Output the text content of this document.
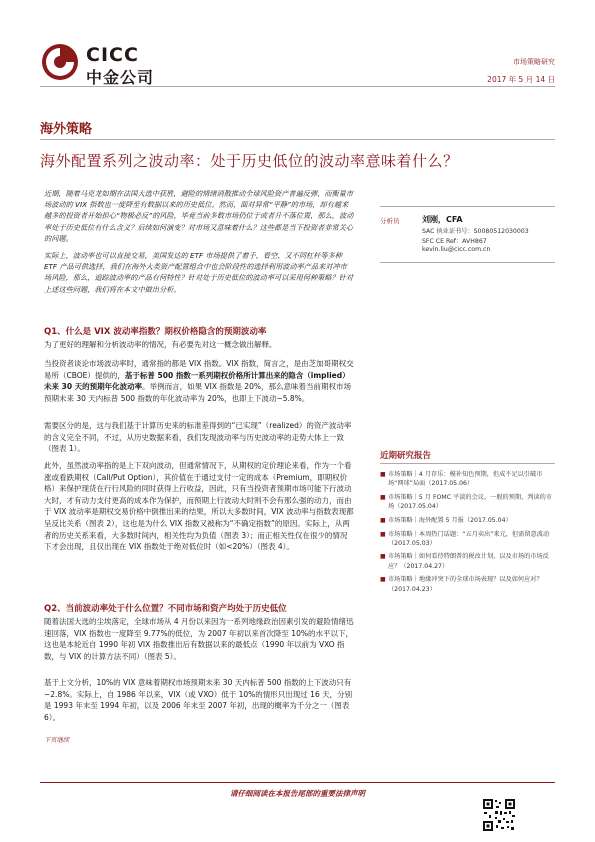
CICC
中金公司
市场策略研究
2017 年 5 月 14 日
海外策略
海外配置系列之波动率：处于历史低位的波动率意味着什么？

近期，随着马克龙如期在法国大选中获胜，避险的情绪消散推动全球风险资产普遍反弹，而衡量市场波动的 VIX 指数也一度降至有数据以来的历史低位。然而，面对异常“平静”的市场，却有越来越多的投资者开始担心“物极必反”的风险，毕竟当前多数市场仍位于或者升不落位置，那么，波动率处于历史低位有什么含义？后续如何演变？对市场又意味着什么？这些都是当下投资者非常关心的问题。

实际上，波动率也可以直接交易，美国发达的 ETF 市场提供了着手，看空、又不同杠杆等多种 ETF 产品可供选择，我们在海外大类资产配置组合中也会阶段性的选择利用波动率产品来对冲市场风险，那么，追踪波动率的产品有何特性？针对处于历史低位的波动率可以采用何种策略？针对上述这些问题，我们将在本文中做出分析。

分析员	刘刚，CFA
SAC 执业证书号：S0080512030003
SFC CE Ref：AVH867
kevin.liu@cicc.com.cn
Q1、什么是 VIX 波动率指数？期权价格隐含的预期波动率

为了更好的理解和分析波动率的情况，有必要先对这一概念做出解释。

当投资者谈论市场波动率时，通常指的都是 VIX 指数。VIX 指数，简言之，是由芝加哥期权交易所（CBOE）提供的，基于标普 500 指数一系列期权价格所计算出来的隐含（implied）未来 30 天的预期年化波动率。举例而言，如果 VIX 指数是 20%，那么意味着当前期权市场预期未来 30 天内标普 500 指数的年化波动率为 20%，也即上下波动~5.8%。

需要区分的是，这与我们基于计算历史来的标准差得到的“已实现”（realized）的资产波动率的含义完全不同，不过，从历史数据来看，我们发现波动率与历史波动率的走势大体上一致（图表 1）。

此外，虽然波动率指的是上下双向波动，但通常情况下，从期权的定价理论来看，作为一个看涨或看跌期权（Call/Put Option），其价值在于通过支付一定的成本（Premium，即期权价格）来保护现货在行行风险的同时获得上行收益，因此，只有当投资者预期市场可能下行波动大时，才有动力支付更高的成本作为保护，而预期上行波动大时则不会有那么强的动力，而由于 VIX 波动率是期权交易价格中倒推出来的结果，所以大多数时间，VIX 波动率与指数表现都呈反比关系（图表 2），这也是为什么 VIX 指数又被称为“不确定指数”的原因。实际上，从两者的历史关系来看，大多数时间内，相关性均为负值（图表 3）；而正相关性仅在很少的情况下才会出现，且仅出现在 VIX 指数处于绝对低位时（如<20%）（图表 4）。

近期研究报告
■ 市场策略｜4 月存乐：模补知色预期，但成不足以引破市场“网球”局面（2017.05.06）
■ 市场策略｜5 月 FOMC 平淡的会议，一般的预期，判读的市场（2017.05.04）
■ 市场策略｜海外配置 5 月报（2017.05.04）
■ 市场策略｜本周热门话题：“五月卖出”来元，但需留意波动（2017.05.03）
■ 市场策略｜如何看待特朗普的税改计划，以及市场的市场反应？（2017.04.27）
■ 市场策略｜地缘冲突下的全球市场表现？以及如何应对？（2017.04.23）
Q2、当前波动率处于什么位置？不同市场和资产均处于历史低位

随着法国大选的尘埃落定，全球市场从 4 月份以来因为一系列地缘政治因素引发的避险情绪迅速回落，VIX 指数也一度降至 9.77%的低位，为 2007 年初以来首次降至 10%的水平以下，这也是本轮近自 1990 年初 VIX 指数推出后有数据以来的最低点（1990 年以前为 VXO 指数，与 VIX 的计算方法不同）（图表 5）。

基于上文分析，10%的 VIX 意味着期权市场预期未来 30 天内标普 500 指数的上下波动只有~2.8%。实际上，自 1986 年以来，VIX（或 VXO）低于 10%的情形只出现过 16 天，分别是 1993 年末至 1994 年初，以及 2006 年末至 2007 年初，出现的概率为千分之一（图表 6）。

下页继续
请仔细阅读在本报告尾部的重要法律声明
